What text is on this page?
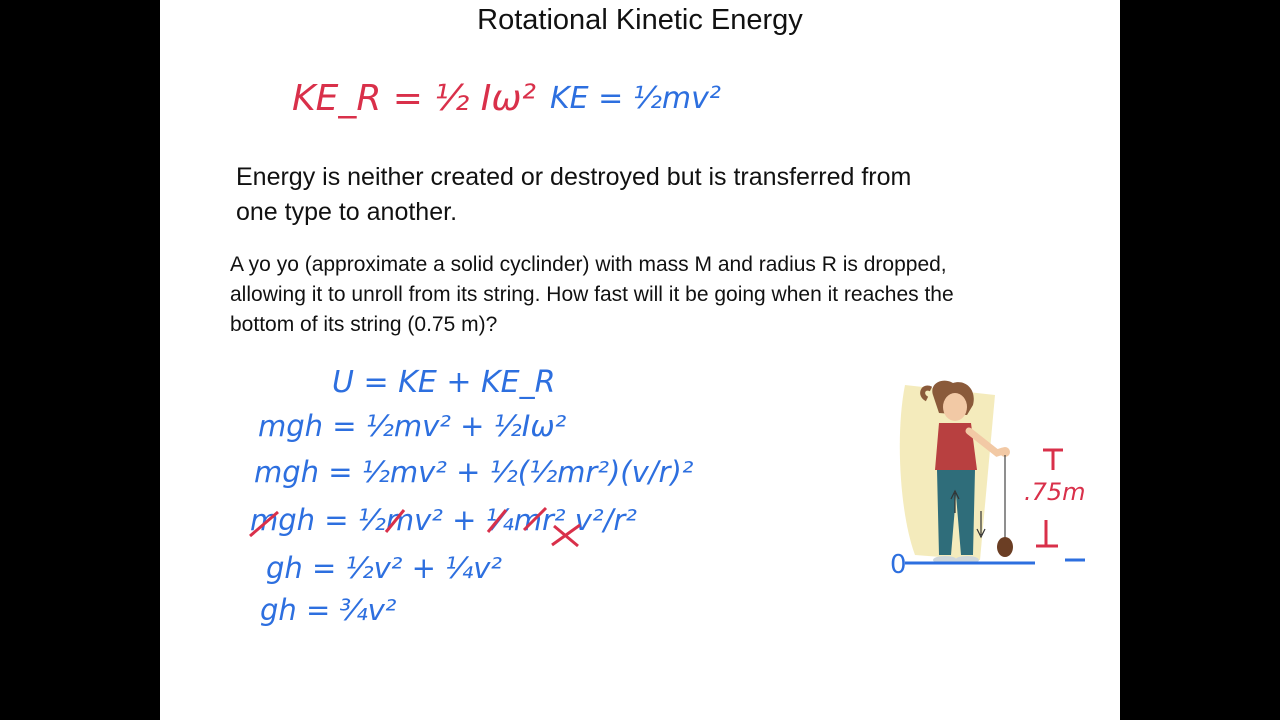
Rotational Kinetic Energy
Energy is neither created or destroyed but is transferred from
one type to another.
A yo yo (approximate a solid cyclinder) with mass M and radius R is dropped,
allowing it to unroll from its string. How fast will it be going when it reaches the
bottom of its string (0.75 m)?
KE_R = ½ Iω² KE = ½mv²
U = KE + KE_R
mgh = ½mv² + ½Iω²
mgh = ½mv² + ½(½mr²)(v/r)²
mgh = ½mv² + ¼mr² v²/r²
gh = ½v² + ¼v²
gh = ¾v²
0
.75m
